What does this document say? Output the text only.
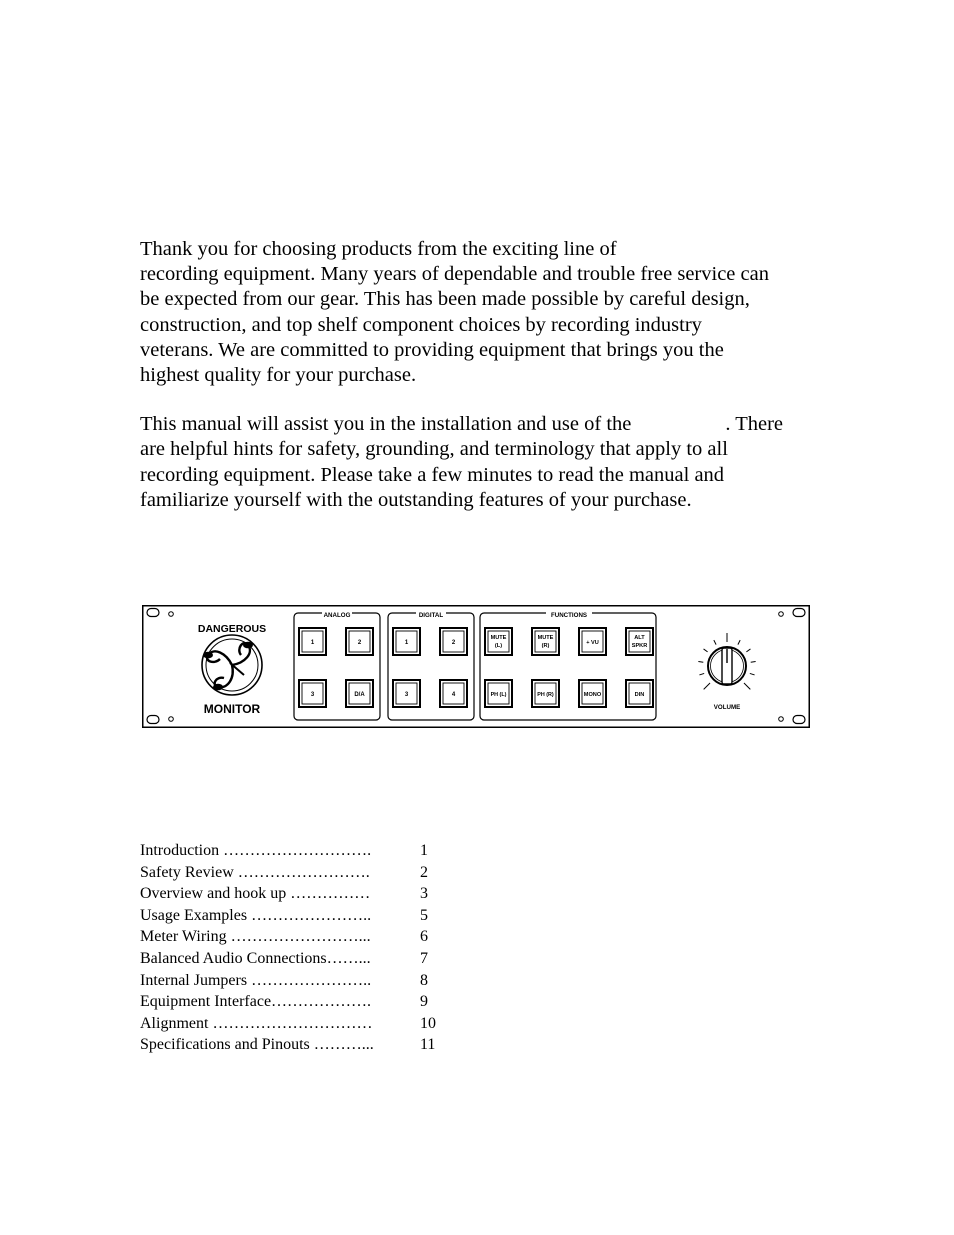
Thank you for choosing products from the exciting line of
recording equipment. Many years of dependable and trouble free service can
be expected from our gear. This has been made possible by careful design,
construction, and top shelf component choices by recording industry
veterans. We are committed to providing equipment that brings you the
highest quality for your purchase.

This manual will assist you in the installation and use of the	. There
are helpful hints for safety, grounding, and terminology that apply to all
recording equipment. Please take a few minutes to read the manual and
familiarize yourself with the outstanding features of your purchase.

DANGEROUS
MONITOR
ANALOG
1	2
3	D/A
DIGITAL
1	2
3	4
FUNCTIONS
MUTE
(L)
MUTE
(R)	+ VU
ALT
SPKR
PH (L)	PH (R)	MONO	DIN
VOLUME
Introduction ……………………….	1
Safety Review …………………….	2
Overview and hook up ……………	3
Usage Examples …………………..	5
Meter Wiring ……………………...	6
Balanced Audio Connections……...	7
Internal Jumpers …………………..	8
Equipment Interface……………….	9
Alignment …………………………	10
Specifications and Pinouts ………...	11
